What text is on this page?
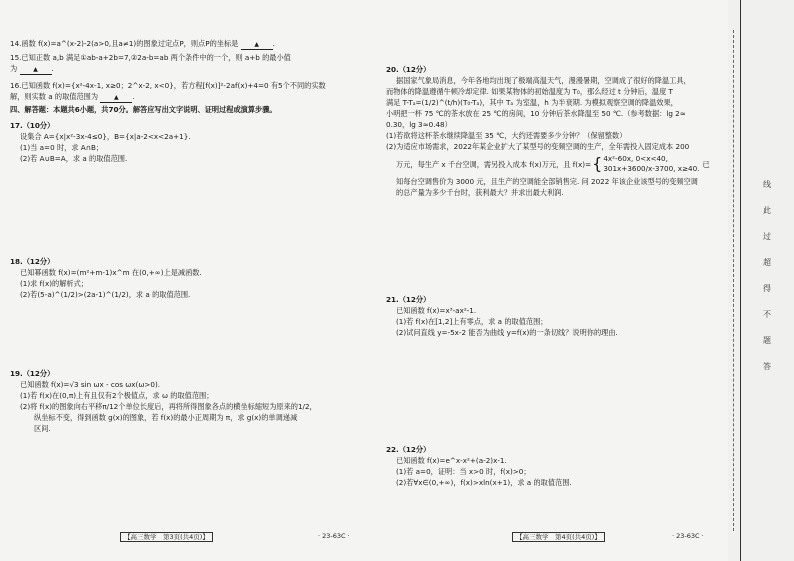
14.函数 f(x)=a^(x-2)-2(a>0,且a≠1)的图象过定点P，则点P的坐标是	▲ .
15.已知正数 a,b 满足①ab-a+2b=7,②2a-b=ab 两个条件中的一个，则 a+b 的最小值
为	▲ .
16.已知函数 f(x)={x²-4x-1, x≥0；2^x-2, x<0}，若方程[f(x)]²-2af(x)+4=0 有5个不同的实数
解，则实数 a 的取值范围为	▲ .
四、解答题：本题共6小题，共70分。解答应写出文字说明、证明过程或演算步骤。
17.（10分）
设集合 A={x|x²-3x-4≤0}，B={x|a-2<x<2a+1}.
(1)当 a=0 时，求 A∩B；
(2)若 A∪B=A，求 a 的取值范围.
18.（12分）
已知幂函数 f(x)=(m²+m-1)x^m 在(0,+∞)上是减函数.
(1)求 f(x)的解析式；
(2)若(5-a)^(1/2)>(2a-1)^(1/2)，求 a 的取值范围.
19.（12分）
已知函数 f(x)=√3 sin ωx - cos ωx(ω>0).
(1)若 f(x)在(0,π)上有且仅有2个极值点，求 ω 的取值范围；
(2)将 f(x)的图象向右平移π/12个单位长度后，再将所得图象各点的横坐标缩短为原来的1/2，
纵坐标不变，得到函数 g(x)的图象，若 f(x)的最小正周期为 π，求 g(x)的单调递减
区间.
【高三数学　第3页(共4页)】	· 23-63C ·
20.（12分）
据国家气象局消息，今年各地均出现了极端高温天气，漫漫暑期，空调成了很好的降温工具，
而物体的降温遵循牛顿冷却定律. 如果某物体的初始温度为 T₀，那么经过 t 分钟后，温度 T
满足 T-Tₐ=(1/2)^(t/h)(T₀-Tₐ)，其中 Tₐ 为室温，h 为半衰期. 为模拟观察空调的降温效果，
小明把一杯 75 ℃的茶水放在 25 ℃的房间，10 分钟后茶水降温至 50 ℃.（参考数据：lg 2≈
0.30，lg 3≈0.48）
(1)若欲将这杯茶水继续降温至 35 ℃，大约还需要多少分钟？（保留整数）
(2)为适应市场需求，2022年某企业扩大了某型号的变频空调的生产，全年需投入固定成本 200
万元，每生产 x 千台空调，需另投入成本 f(x)万元，且 f(x)= { 4x²-60x, 0<x<40,
301x+3600/x-3700, x≥40. 已
知每台空调售价为 3000 元，且生产的空调能全部销售完. 问 2022 年该企业该型号的变频空调
的总产量为多少千台时，获利最大？并求出最大利润.
21.（12分）
已知函数 f(x)=x³-ax²-1.
(1)若 f(x)在[1,2]上有零点，求 a 的取值范围；
(2)试问直线 y=-5x-2 能否为曲线 y=f(x)的一条切线？说明你的理由.
22.（12分）
已知函数 f(x)=e^x-x²+(a-2)x-1.
(1)若 a=0，证明：当 x>0 时，f(x)>0；
(2)若∀x∈(0,+∞)，f(x)>xln(x+1)，求 a 的取值范围.
【高三数学　第4页(共4页)】	· 23-63C ·
线
此
过
超
得
不
题
答
